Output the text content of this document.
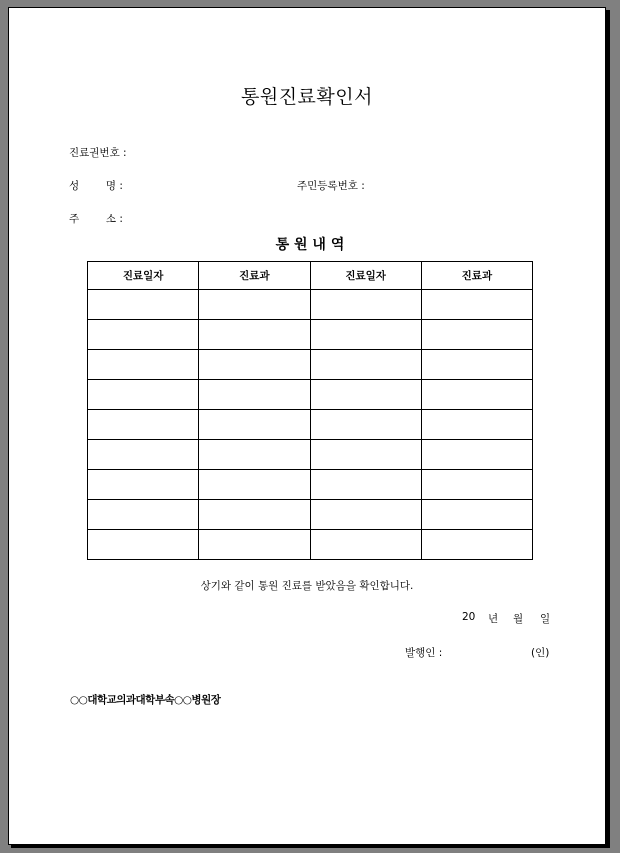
통원진료확인서
진료권번호 :
성        명 :	주민등록번호 :
주        소 :
통 원 내 역
진료일자	진료과	진료일자	진료과

상기와 같이 통원 진료를 받았음을 확인합니다.
20 년 월 일
발행인 :	(인)
○○대학교의과대학부속○○병원장
